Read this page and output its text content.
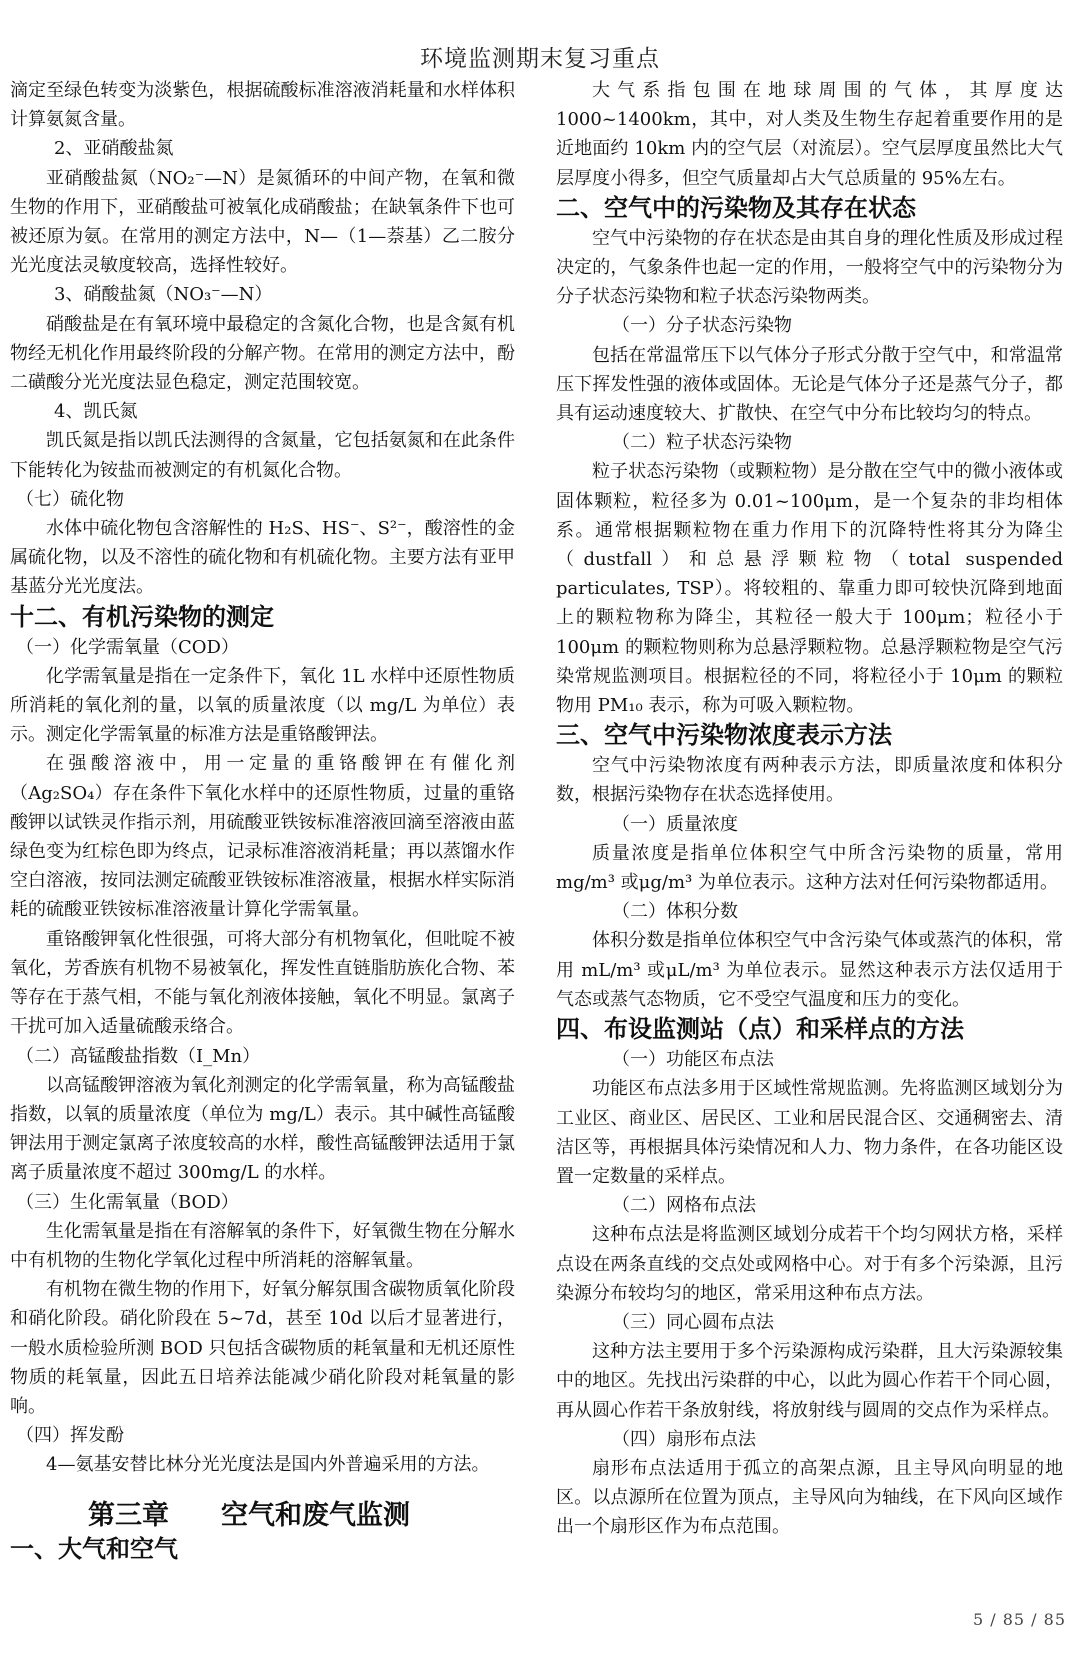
环境监测期末复习重点

滴定至绿色转变为淡紫色，根据硫酸标准溶液消耗量和水样体积计算氨氮含量。

2、亚硝酸盐氮

亚硝酸盐氮（NO₂⁻—N）是氮循环的中间产物，在氧和微生物的作用下，亚硝酸盐可被氧化成硝酸盐；在缺氧条件下也可被还原为氨。在常用的测定方法中，N—（1—萘基）乙二胺分光光度法灵敏度较高，选择性较好。

3、硝酸盐氮（NO₃⁻—N）

硝酸盐是在有氧环境中最稳定的含氮化合物，也是含氮有机物经无机化作用最终阶段的分解产物。在常用的测定方法中，酚二磺酸分光光度法显色稳定，测定范围较宽。

4、凯氏氮

凯氏氮是指以凯氏法测得的含氮量，它包括氨氮和在此条件下能转化为铵盐而被测定的有机氮化合物。

（七）硫化物

水体中硫化物包含溶解性的 H₂S、HS⁻、S²⁻，酸溶性的金属硫化物，以及不溶性的硫化物和有机硫化物。主要方法有亚甲基蓝分光光度法。

十二、有机污染物的测定

（一）化学需氧量（COD）

化学需氧量是指在一定条件下，氧化 1L 水样中还原性物质所消耗的氧化剂的量，以氧的质量浓度（以 mg/L 为单位）表示。测定化学需氧量的标准方法是重铬酸钾法。

在强酸溶液中，用一定量的重铬酸钾在有催化剂（Ag₂SO₄）存在条件下氧化水样中的还原性物质，过量的重铬酸钾以试铁灵作指示剂，用硫酸亚铁铵标准溶液回滴至溶液由蓝绿色变为红棕色即为终点，记录标准溶液消耗量；再以蒸馏水作空白溶液，按同法测定硫酸亚铁铵标准溶液量，根据水样实际消耗的硫酸亚铁铵标准溶液量计算化学需氧量。

重铬酸钾氧化性很强，可将大部分有机物氧化，但吡啶不被氧化，芳香族有机物不易被氧化，挥发性直链脂肪族化合物、苯等存在于蒸气相，不能与氧化剂液体接触，氧化不明显。氯离子干扰可加入适量硫酸汞络合。

（二）高锰酸盐指数（I_Mn）

以高锰酸钾溶液为氧化剂测定的化学需氧量，称为高锰酸盐指数，以氧的质量浓度（单位为 mg/L）表示。其中碱性高锰酸钾法用于测定氯离子浓度较高的水样，酸性高锰酸钾法适用于氯离子质量浓度不超过 300mg/L 的水样。

（三）生化需氧量（BOD）

生化需氧量是指在有溶解氧的条件下，好氧微生物在分解水中有机物的生物化学氧化过程中所消耗的溶解氧量。

有机物在微生物的作用下，好氧分解氛围含碳物质氧化阶段和硝化阶段。硝化阶段在 5~7d，甚至 10d 以后才显著进行，一般水质检验所测 BOD 只包括含碳物质的耗氧量和无机还原性物质的耗氧量，因此五日培养法能减少硝化阶段对耗氧量的影响。

（四）挥发酚

4—氨基安替比林分光光度法是国内外普遍采用的方法。

第三章 空气和废气监测

一、大气和空气

大气系指包围在地球周围的气体，其厚度达 1000~1400km，其中，对人类及生物生存起着重要作用的是近地面约 10km 内的空气层（对流层）。空气层厚度虽然比大气层厚度小得多，但空气质量却占大气总质量的 95%左右。

二、空气中的污染物及其存在状态

空气中污染物的存在状态是由其自身的理化性质及形成过程决定的，气象条件也起一定的作用，一般将空气中的污染物分为分子状态污染物和粒子状态污染物两类。

（一）分子状态污染物

包括在常温常压下以气体分子形式分散于空气中，和常温常压下挥发性强的液体或固体。无论是气体分子还是蒸气分子，都具有运动速度较大、扩散快、在空气中分布比较均匀的特点。

（二）粒子状态污染物

粒子状态污染物（或颗粒物）是分散在空气中的微小液体或固体颗粒，粒径多为 0.01~100μm，是一个复杂的非均相体系。通常根据颗粒物在重力作用下的沉降特性将其分为降尘（dustfall）和总悬浮颗粒物（total suspended particulates, TSP）。将较粗的、靠重力即可较快沉降到地面上的颗粒物称为降尘，其粒径一般大于 100μm；粒径小于 100μm 的颗粒物则称为总悬浮颗粒物。总悬浮颗粒物是空气污染常规监测项目。根据粒径的不同，将粒径小于 10μm 的颗粒物用 PM₁₀ 表示，称为可吸入颗粒物。

三、空气中污染物浓度表示方法

空气中污染物浓度有两种表示方法，即质量浓度和体积分数，根据污染物存在状态选择使用。

（一）质量浓度

质量浓度是指单位体积空气中所含污染物的质量，常用 mg/m³ 或μg/m³ 为单位表示。这种方法对任何污染物都适用。

（二）体积分数

体积分数是指单位体积空气中含污染气体或蒸汽的体积，常用 mL/m³ 或μL/m³ 为单位表示。显然这种表示方法仅适用于气态或蒸气态物质，它不受空气温度和压力的变化。

四、布设监测站（点）和采样点的方法

（一）功能区布点法

功能区布点法多用于区域性常规监测。先将监测区域划分为工业区、商业区、居民区、工业和居民混合区、交通稠密去、清洁区等，再根据具体污染情况和人力、物力条件，在各功能区设置一定数量的采样点。

（二）网格布点法

这种布点法是将监测区域划分成若干个均匀网状方格，采样点设在两条直线的交点处或网格中心。对于有多个污染源，且污染源分布较均匀的地区，常采用这种布点方法。

（三）同心圆布点法

这种方法主要用于多个污染源构成污染群，且大污染源较集中的地区。先找出污染群的中心，以此为圆心作若干个同心圆，再从圆心作若干条放射线，将放射线与圆周的交点作为采样点。

（四）扇形布点法

扇形布点法适用于孤立的高架点源，且主导风向明显的地区。以点源所在位置为顶点，主导风向为轴线，在下风向区域作出一个扇形区作为布点范围。

5 / 85 / 85
